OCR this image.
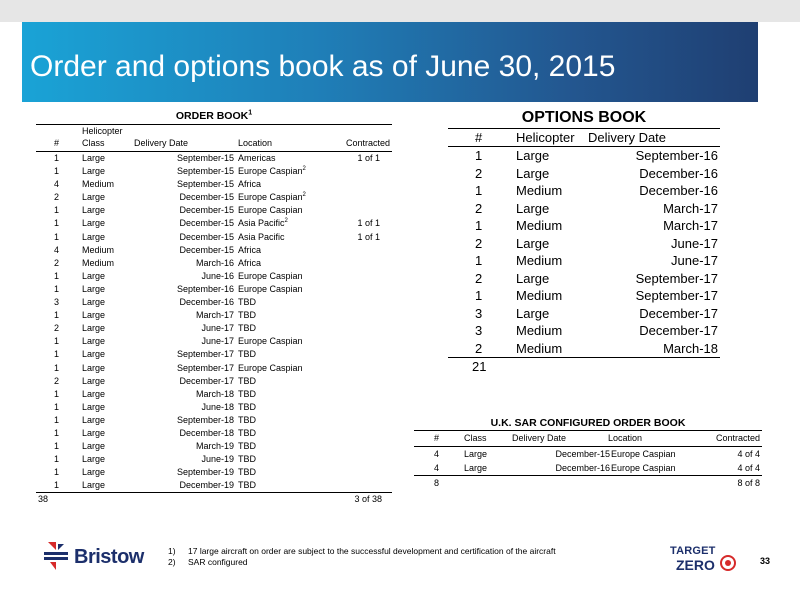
Order and options book as of June 30, 2015
ORDER BOOK$^1$
Helicopter
#	Class	Delivery Date	Location	Contracted
1	Large	September-15 Americas	1 of 1
1	Large	September-15 Europe Caspian$^2$
4	Medium	September-15 Africa
2	Large	December-15 Europe Caspian$^2$
1	Large	December-15 Europe Caspian
1	Large	December-15 Asia Pacific$^2$	1 of 1
1	Large	December-15 Asia Pacific	1 of 1
4	Medium	December-15 Africa
2	Medium	March-16 Africa
1	Large	June-16 Europe Caspian
1	Large	September-16 Europe Caspian
3	Large	December-16 TBD
1	Large	March-17 TBD
2	Large	June-17 TBD
1	Large	June-17 Europe Caspian
1	Large	September-17 TBD
1	Large	September-17 Europe Caspian
2	Large	December-17 TBD
1	Large	March-18 TBD
1	Large	June-18 TBD
1	Large	September-18 TBD
1	Large	December-18 TBD
1	Large	March-19 TBD
1	Large	June-19 TBD
1	Large	September-19 TBD
1	Large	December-19 TBD
38	3 of 38
OPTIONS BOOK
#	Helicopter Delivery Date
1	Large	September-16
2	Large	December-16
1	Medium	December-16
2	Large	March-17
1	Medium	March-17
2	Large	June-17
1	Medium	June-17
2	Large	September-17
1	Medium	September-17
3	Large	December-17
3	Medium	December-17
2	Medium	March-18
21
U.K. SAR CONFIGURED ORDER BOOK
#	Class	Delivery Date	Location	Contracted
4	Large	December-15 Europe Caspian	4 of 4
4	Large	December-16 Europe Caspian	4 of 4
8	8 of 8
Bristow	1) 17 large aircraft on order are subject to the successful development and certification of the aircraft
2) SAR configured
TARGET
ZERO	33
